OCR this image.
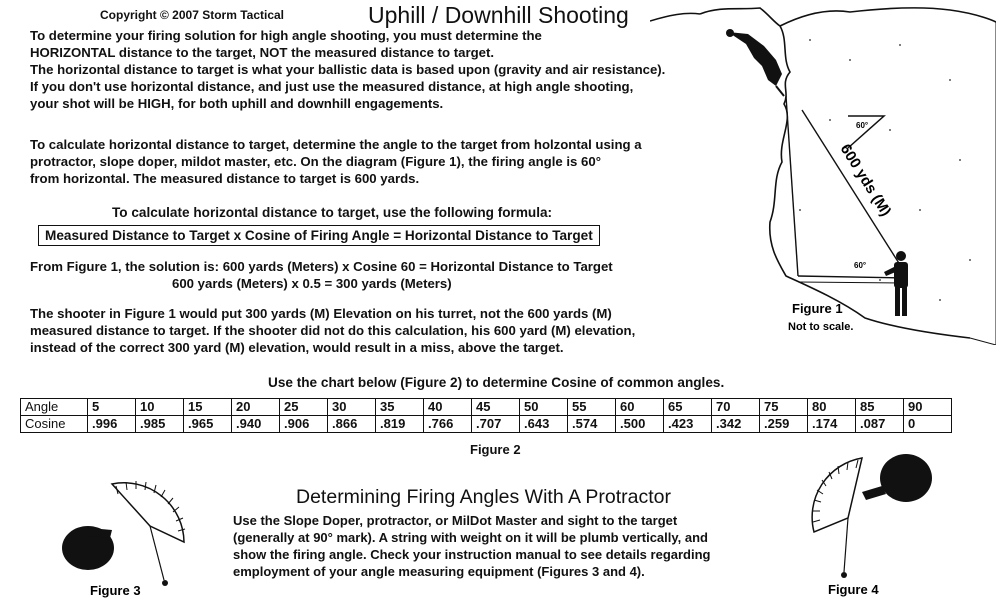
Copyright © 2007 Storm Tactical	Uphill / Downhill Shooting
To determine your firing solution for high angle shooting, you must determine the
HORIZONTAL distance to the target, NOT the measured distance to target.
The horizontal distance to target is what your ballistic data is based upon (gravity and air resistance).
If you don't use horizontal distance, and just use the measured distance, at high angle shooting,
your shot will be HIGH, for both uphill and downhill engagements.
To calculate horizontal distance to target, determine the angle to the target from holzontal using a
protractor, slope doper, mildot master, etc. On the diagram (Figure 1), the firing angle is 60°
from horizontal. The measured distance to target is 600 yards.
To calculate horizontal distance to target, use the following formula:
Measured Distance to Target x Cosine of Firing Angle = Horizontal Distance to Target
From Figure 1, the solution is: 600 yards (Meters) x Cosine 60 = Horizontal Distance to Target
600 yards (Meters) x 0.5 = 300 yards (Meters)
The shooter in Figure 1 would put 300 yards (M) Elevation on his turret, not the 600 yards (M)
measured distance to target. If the shooter did not do this calculation, his 600 yard (M) elevation,
instead of the correct 300 yard (M) elevation, would result in a miss, above the target.
60°
60°
600 yds (M)
Figure 1
Not to scale.
Use the chart below (Figure 2) to determine Cosine of common angles.
Angle	5	10	15	20	25	30	35	40	45	50	55	60	65	70	75	80	85	90
Cosine	.996	.985	.965	.940	.906	.866	.819	.766	.707	.643	.574	.500	.423	.342	.259	.174	.087	0
Figure 2
Figure 3
Determining Firing Angles With A Protractor
Use the Slope Doper, protractor, or MilDot Master and sight to the target
(generally at 90° mark). A string with weight on it will be plumb vertically, and
show the firing angle. Check your instruction manual to see details regarding
employment of your angle measuring equipment (Figures 3 and 4).
Figure 4
